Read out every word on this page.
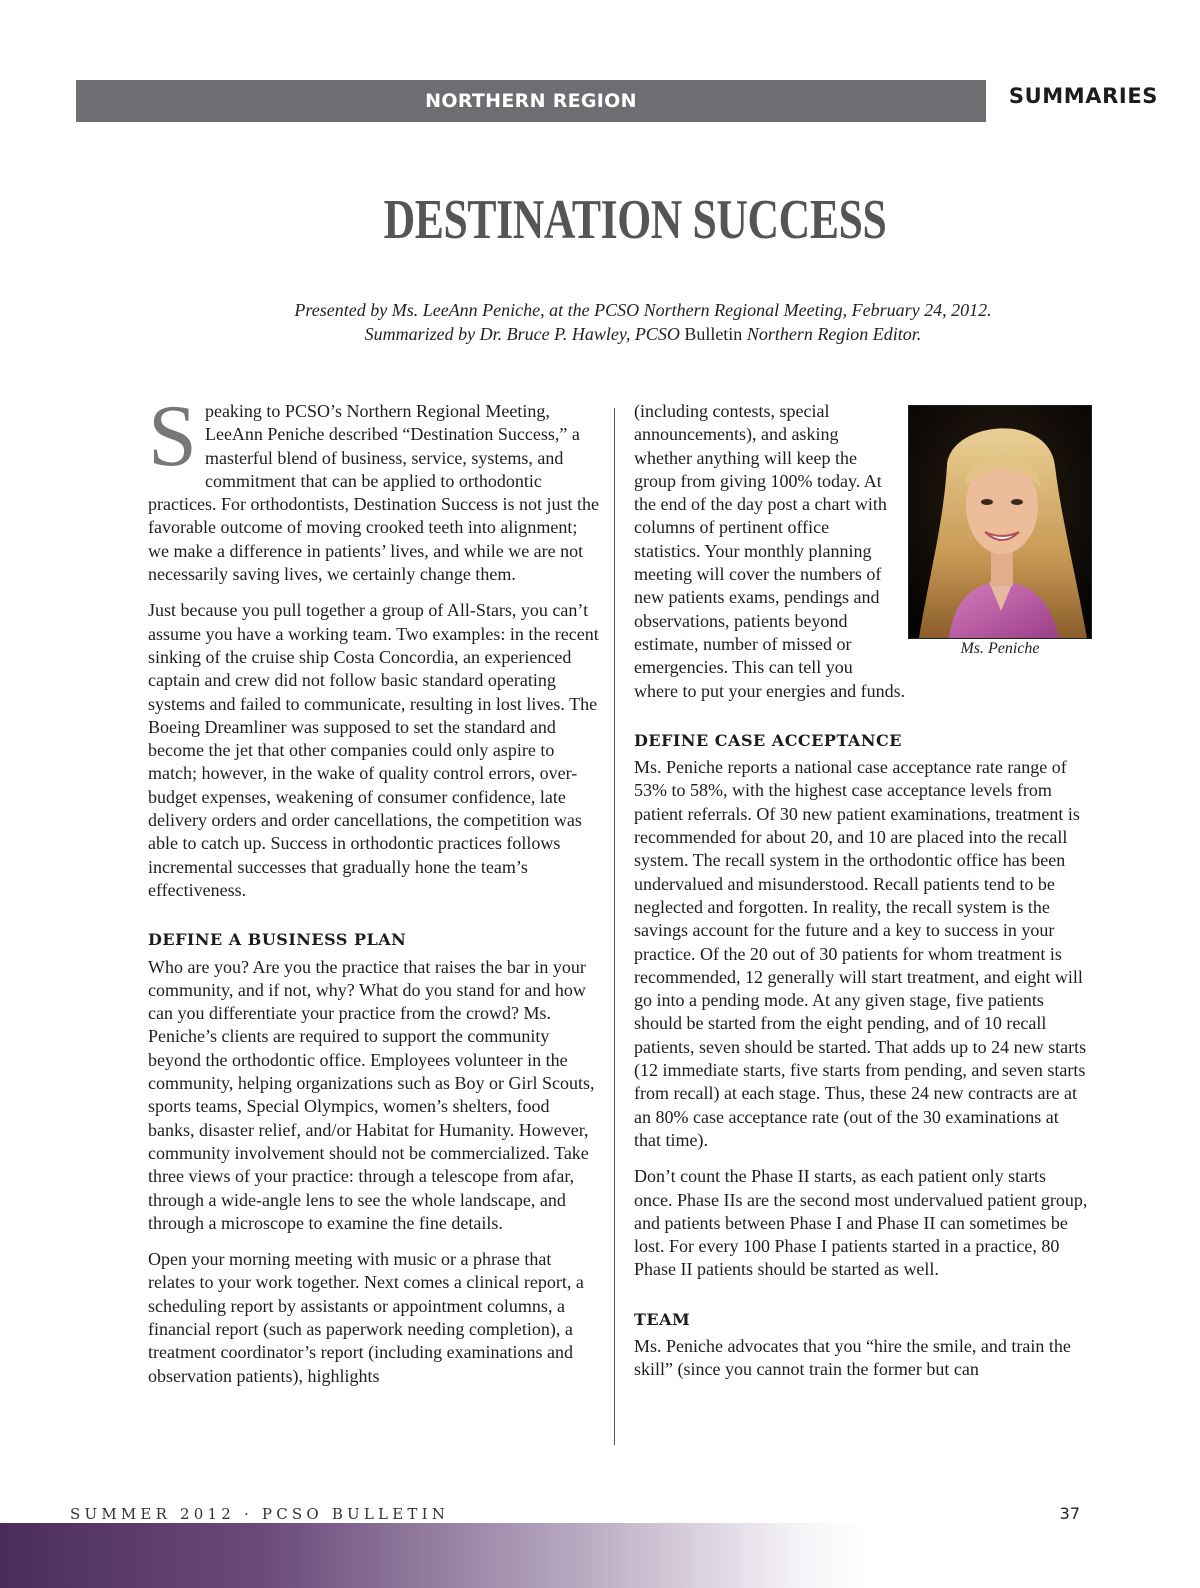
NORTHERN REGION	SUMMARIES
DESTINATION SUCCESS
Presented by Ms. LeeAnn Peniche, at the PCSO Northern Regional Meeting, February 24, 2012.
Summarized by Dr. Bruce P. Hawley, PCSO Bulletin Northern Region Editor.

Speaking to PCSO’s Northern Regional Meeting, LeeAnn Peniche described “Destination Success,” a masterful blend of business, service, systems, and commitment that can be applied to orthodontic practices. For orthodontists, Destination Success is not just the favorable outcome of moving crooked teeth into alignment; we make a difference in patients’ lives, and while we are not necessarily saving lives, we certainly change them.

Just because you pull together a group of All-Stars, you can’t assume you have a working team. Two examples: in the recent sinking of the cruise ship Costa Concordia, an experienced captain and crew did not follow basic standard operating systems and failed to communicate, resulting in lost lives. The Boeing Dreamliner was supposed to set the standard and become the jet that other companies could only aspire to match; however, in the wake of quality control errors, over-budget expenses, weakening of consumer confidence, late delivery orders and order cancellations, the competition was able to catch up. Success in orthodontic practices follows incremental successes that gradually hone the team’s effectiveness.

DEFINE A BUSINESS PLAN

Who are you? Are you the practice that raises the bar in your community, and if not, why? What do you stand for and how can you differentiate your practice from the crowd? Ms. Peniche’s clients are required to support the community beyond the orthodontic office. Employees volunteer in the community, helping organizations such as Boy or Girl Scouts, sports teams, Special Olympics, women’s shelters, food banks, disaster relief, and/or Habitat for Humanity. However, community involvement should not be commercialized. Take three views of your practice: through a telescope from afar, through a wide-angle lens to see the whole landscape, and through a microscope to examine the fine details.

Open your morning meeting with music or a phrase that relates to your work together. Next comes a clinical report, a scheduling report by assistants or appointment columns, a financial report (such as paperwork needing completion), a treatment coordinator’s report (including examinations and observation patients), highlights

(including contests, special announcements), and asking whether anything will keep the group from giving 100% today. At the end of the day post a chart with columns of pertinent office statistics. Your monthly planning meeting will cover the numbers of new patients exams, pendings and observations, patients beyond estimate, number of missed or emergencies. This can tell you where to put your energies and funds.

DEFINE CASE ACCEPTANCE

Ms. Peniche reports a national case acceptance rate range of 53% to 58%, with the highest case acceptance levels from patient referrals. Of 30 new patient examinations, treatment is recommended for about 20, and 10 are placed into the recall system. The recall system in the orthodontic office has been undervalued and misunderstood. Recall patients tend to be neglected and forgotten. In reality, the recall system is the savings account for the future and a key to success in your practice. Of the 20 out of 30 patients for whom treatment is recommended, 12 generally will start treatment, and eight will go into a pending mode. At any given stage, five patients should be started from the eight pending, and of 10 recall patients, seven should be started. That adds up to 24 new starts (12 immediate starts, five starts from pending, and seven starts from recall) at each stage. Thus, these 24 new contracts are at an 80% case acceptance rate (out of the 30 examinations at that time).

Don’t count the Phase II starts, as each patient only starts once. Phase IIs are the second most undervalued patient group, and patients between Phase I and Phase II can sometimes be lost. For every 100 Phase I patients started in a practice, 80 Phase II patients should be started as well.

TEAM

Ms. Peniche advocates that you “hire the smile, and train the skill” (since you cannot train the former but can

Ms. Peniche
SUMMER 2012 · PCSO BULLETIN	37
